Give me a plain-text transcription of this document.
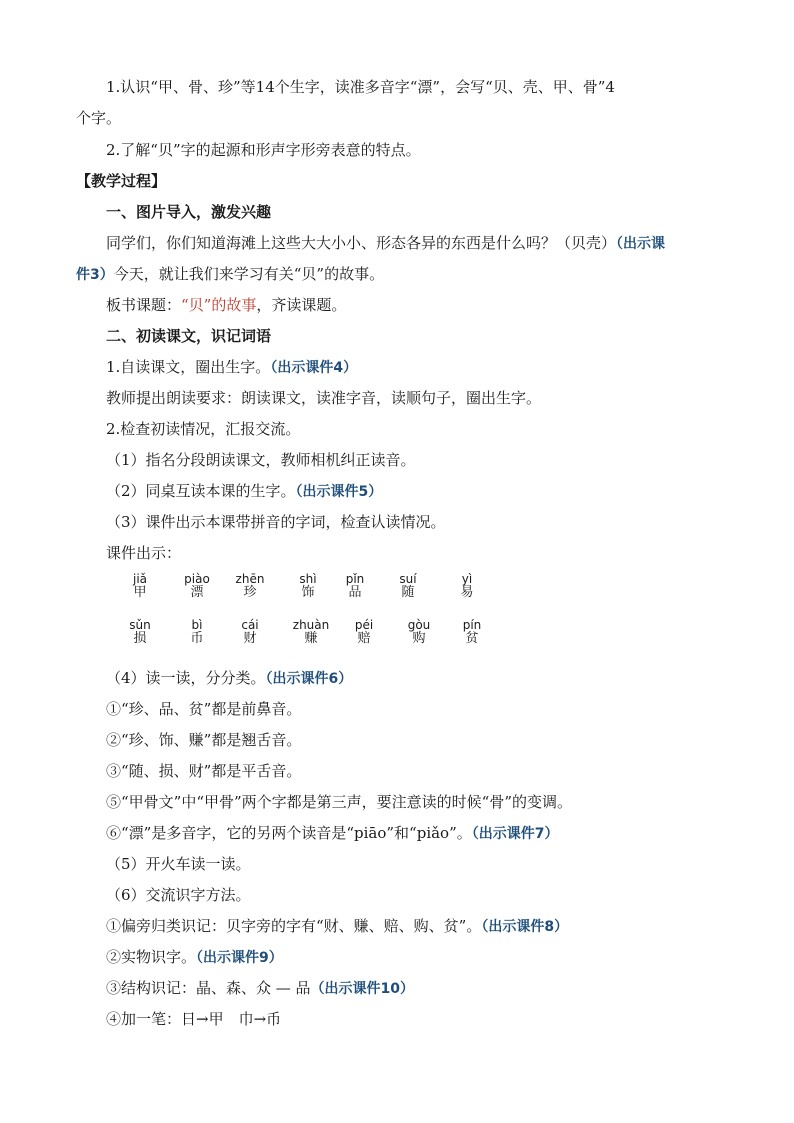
1.认识“甲、骨、珍”等14个生字，读准多音字“漂”，会写“贝、壳、甲、骨”4
个字。
2.了解“贝”字的起源和形声字形旁表意的特点。
【教学过程】
一、图片导入，激发兴趣
同学们，你们知道海滩上这些大大小小、形态各异的东西是什么吗？（贝壳）（出示课
件3）今天，就让我们来学习有关“贝”的故事。
板书课题：“贝”的故事，齐读课题。
二、初读课文，识记词语
1.自读课文，圈出生字。（出示课件4）
教师提出朗读要求：朗读课文，读准字音，读顺句子，圈出生字。
2.检查初读情况，汇报交流。
（1）指名分段朗读课文，教师相机纠正读音。
（2）同桌互读本课的生字。（出示课件5）
（3）课件出示本课带拼音的字词，检查认读情况。
课件出示：
jiǎ
甲
piào
漂
zhēn
珍
shì
饰
pǐn
品
suí
随
yì
易
sǔn
损
bì
币
cái
财
zhuàn
赚
péi
赔
gòu
购
pín
贫
（4）读一读，分分类。（出示课件6）
①“珍、品、贫”都是前鼻音。
②“珍、饰、赚”都是翘舌音。
③“随、损、财”都是平舌音。
⑤“甲骨文”中“甲骨”两个字都是第三声，要注意读的时候“骨”的变调。
⑥“漂”是多音字，它的另两个读音是“piāo”和“piǎo”。（出示课件7）
（5）开火车读一读。
（6）交流识字方法。
①偏旁归类识记：贝字旁的字有“财、赚、赔、购、贫”。（出示课件8）
②实物识字。（出示课件9）
③结构识记：晶、森、众 — 品（出示课件10）
④加一笔：日→甲　巾→币
